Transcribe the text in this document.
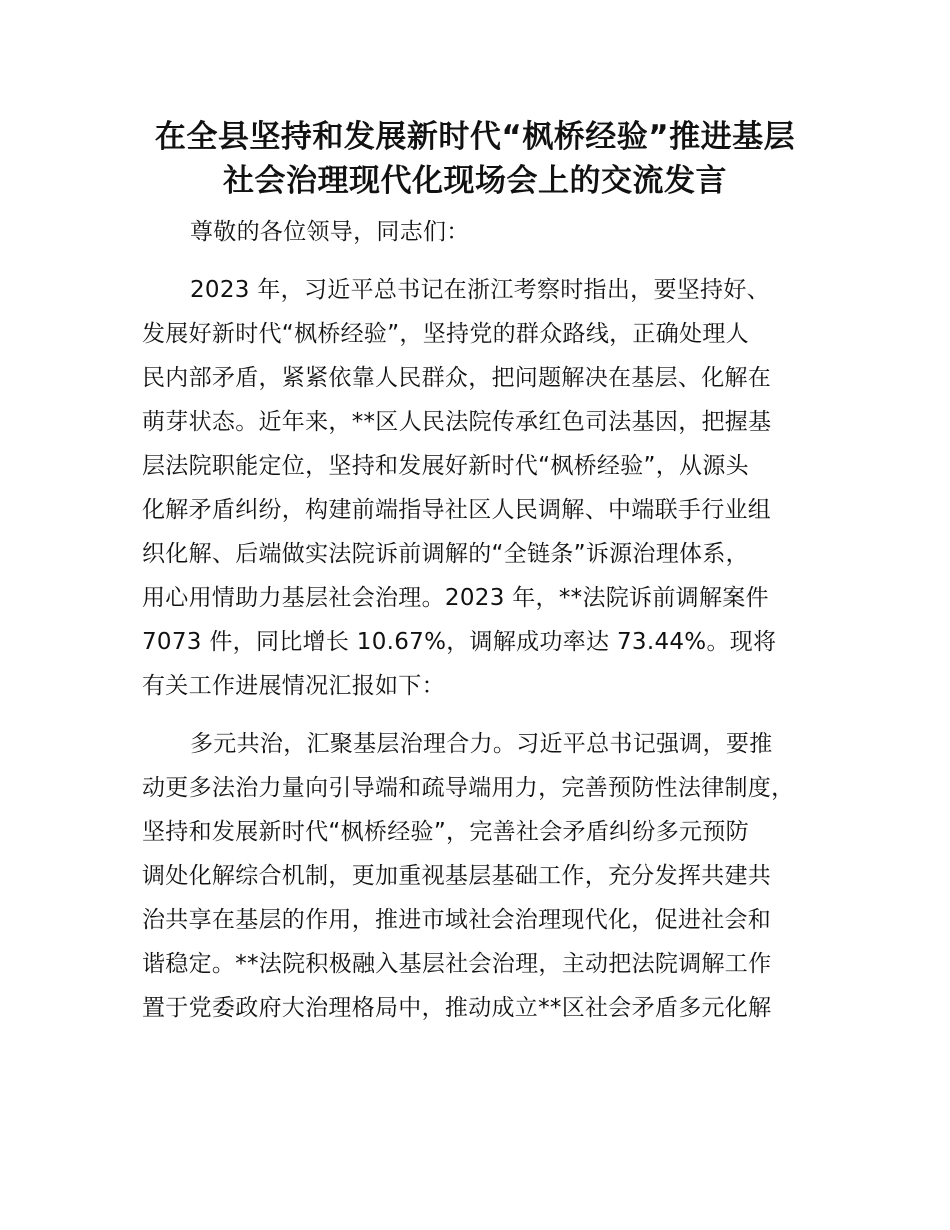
在全县坚持和发展新时代“枫桥经验”推进基层
社会治理现代化现场会上的交流发言
尊敬的各位领导，同志们：
2023 年，习近平总书记在浙江考察时指出，要坚持好、
发展好新时代“枫桥经验”，坚持党的群众路线，正确处理人
民内部矛盾，紧紧依靠人民群众，把问题解决在基层、化解在
萌芽状态。近年来，**区人民法院传承红色司法基因，把握基
层法院职能定位，坚持和发展好新时代“枫桥经验”，从源头
化解矛盾纠纷，构建前端指导社区人民调解、中端联手行业组
织化解、后端做实法院诉前调解的“全链条”诉源治理体系，
用心用情助力基层社会治理。2023 年，**法院诉前调解案件
7073 件，同比增长 10.67%，调解成功率达 73.44%。现将
有关工作进展情况汇报如下：
多元共治，汇聚基层治理合力。习近平总书记强调，要推
动更多法治力量向引导端和疏导端用力，完善预防性法律制度，
坚持和发展新时代“枫桥经验”，完善社会矛盾纠纷多元预防
调处化解综合机制，更加重视基层基础工作，充分发挥共建共
治共享在基层的作用，推进市域社会治理现代化，促进社会和
谐稳定。**法院积极融入基层社会治理，主动把法院调解工作
置于党委政府大治理格局中，推动成立**区社会矛盾多元化解
